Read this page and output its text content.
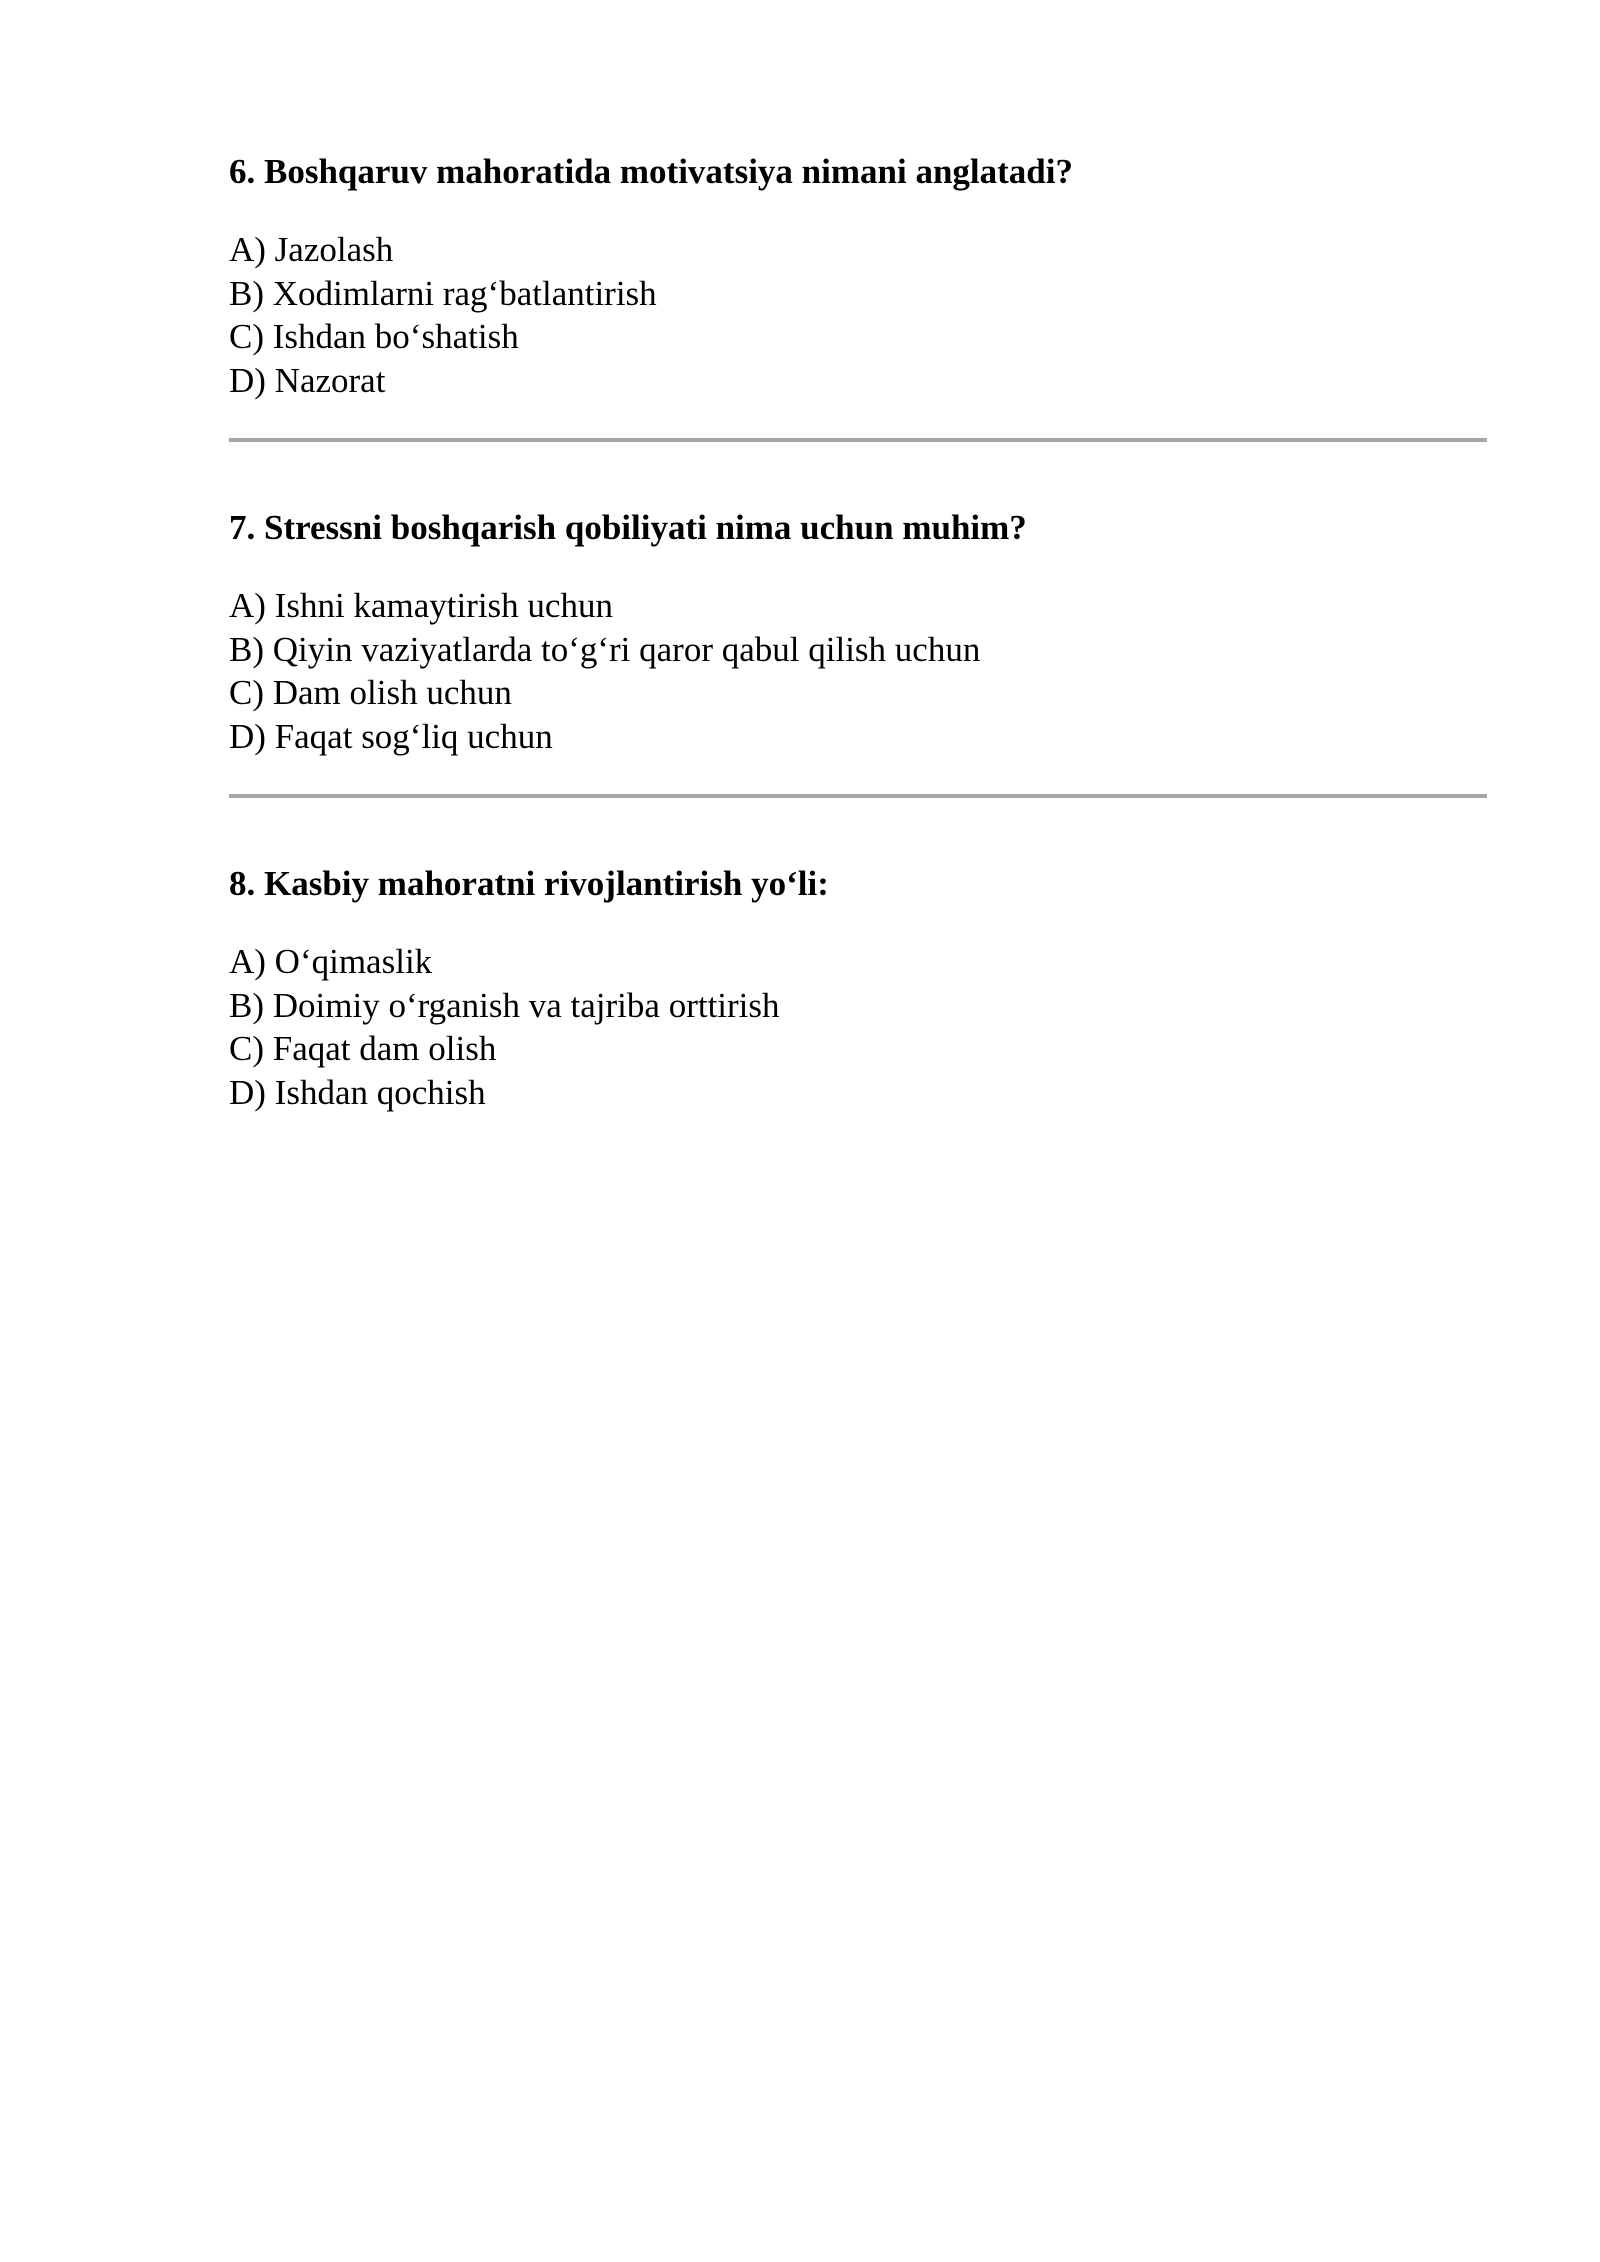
6. Boshqaruv mahoratida motivatsiya nimani anglatadi?
A) Jazolash
B) Xodimlarni rag‘batlantirish
C) Ishdan bo‘shatish
D) Nazorat
7. Stressni boshqarish qobiliyati nima uchun muhim?
A) Ishni kamaytirish uchun
B) Qiyin vaziyatlarda to‘g‘ri qaror qabul qilish uchun
C) Dam olish uchun
D) Faqat sog‘liq uchun
8. Kasbiy mahoratni rivojlantirish yo‘li:
A) O‘qimaslik
B) Doimiy o‘rganish va tajriba orttirish
C) Faqat dam olish
D) Ishdan qochish
